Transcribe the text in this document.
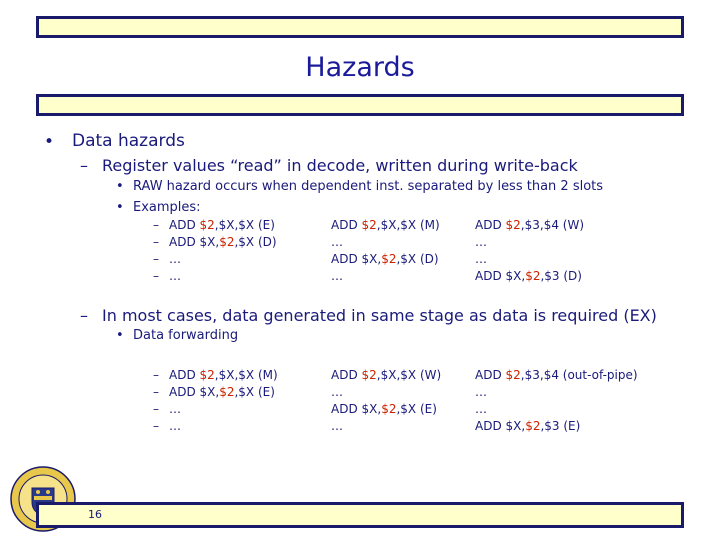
Hazards
• Data hazards
– Register values “read” in decode, written during write-back
• RAW hazard occurs when dependent inst. separated by less than 2 slots
• Examples:
– ADD $2,$X,$X (E)
– ADD $X,$2,$X (D)
– …
– …
ADD $2,$X,$X (M)
…
ADD $X,$2,$X (D)
…
ADD $2,$3,$4 (W)
…
…
ADD $X,$2,$3 (D)
– In most cases, data generated in same stage as data is required (EX)
• Data forwarding
– ADD $2,$X,$X (M)
– ADD $X,$2,$X (E)
– …
– …
ADD $2,$X,$X (W)
…
ADD $X,$2,$X (E)
…
ADD $2,$3,$4 (out-of-pipe)
…
…
ADD $X,$2,$3 (E)
16
